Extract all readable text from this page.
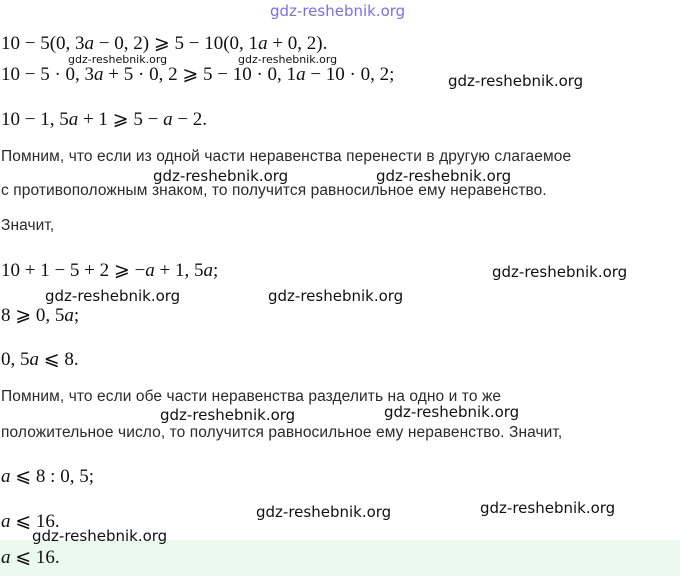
gdz-reshebnik.org
10 − 5(0, 3a − 0, 2) ⩾ 5 − 10(0, 1a + 0, 2).
gdz-reshebnik.org	gdz-reshebnik.org
10 − 5 · 0, 3a + 5 · 0, 2 ⩾ 5 − 10 · 0, 1a − 10 · 0, 2;	gdz-reshebnik.org
10 − 1, 5a + 1 ⩾ 5 − a − 2.
Помним, что если из одной части неравенства перенести в другую слагаемое
gdz-reshebnik.org	gdz-reshebnik.org
с противоположным знаком, то получится равносильное ему неравенство.
Значит,
10 + 1 − 5 + 2 ⩾ −a + 1, 5a;	gdz-reshebnik.org
gdz-reshebnik.org	gdz-reshebnik.org
8 ⩾ 0, 5a;
0, 5a ⩽ 8.
Помним, что если обе части неравенства разделить на одно и то же
gdz-reshebnik.org	gdz-reshebnik.org
положительное число, то получится равносильное ему неравенство. Значит,
a ⩽ 8 : 0, 5;
gdz-reshebnik.org
gdz-reshebnik.org
a ⩽ 16.
gdz-reshebnik.org
a ⩽ 16.
